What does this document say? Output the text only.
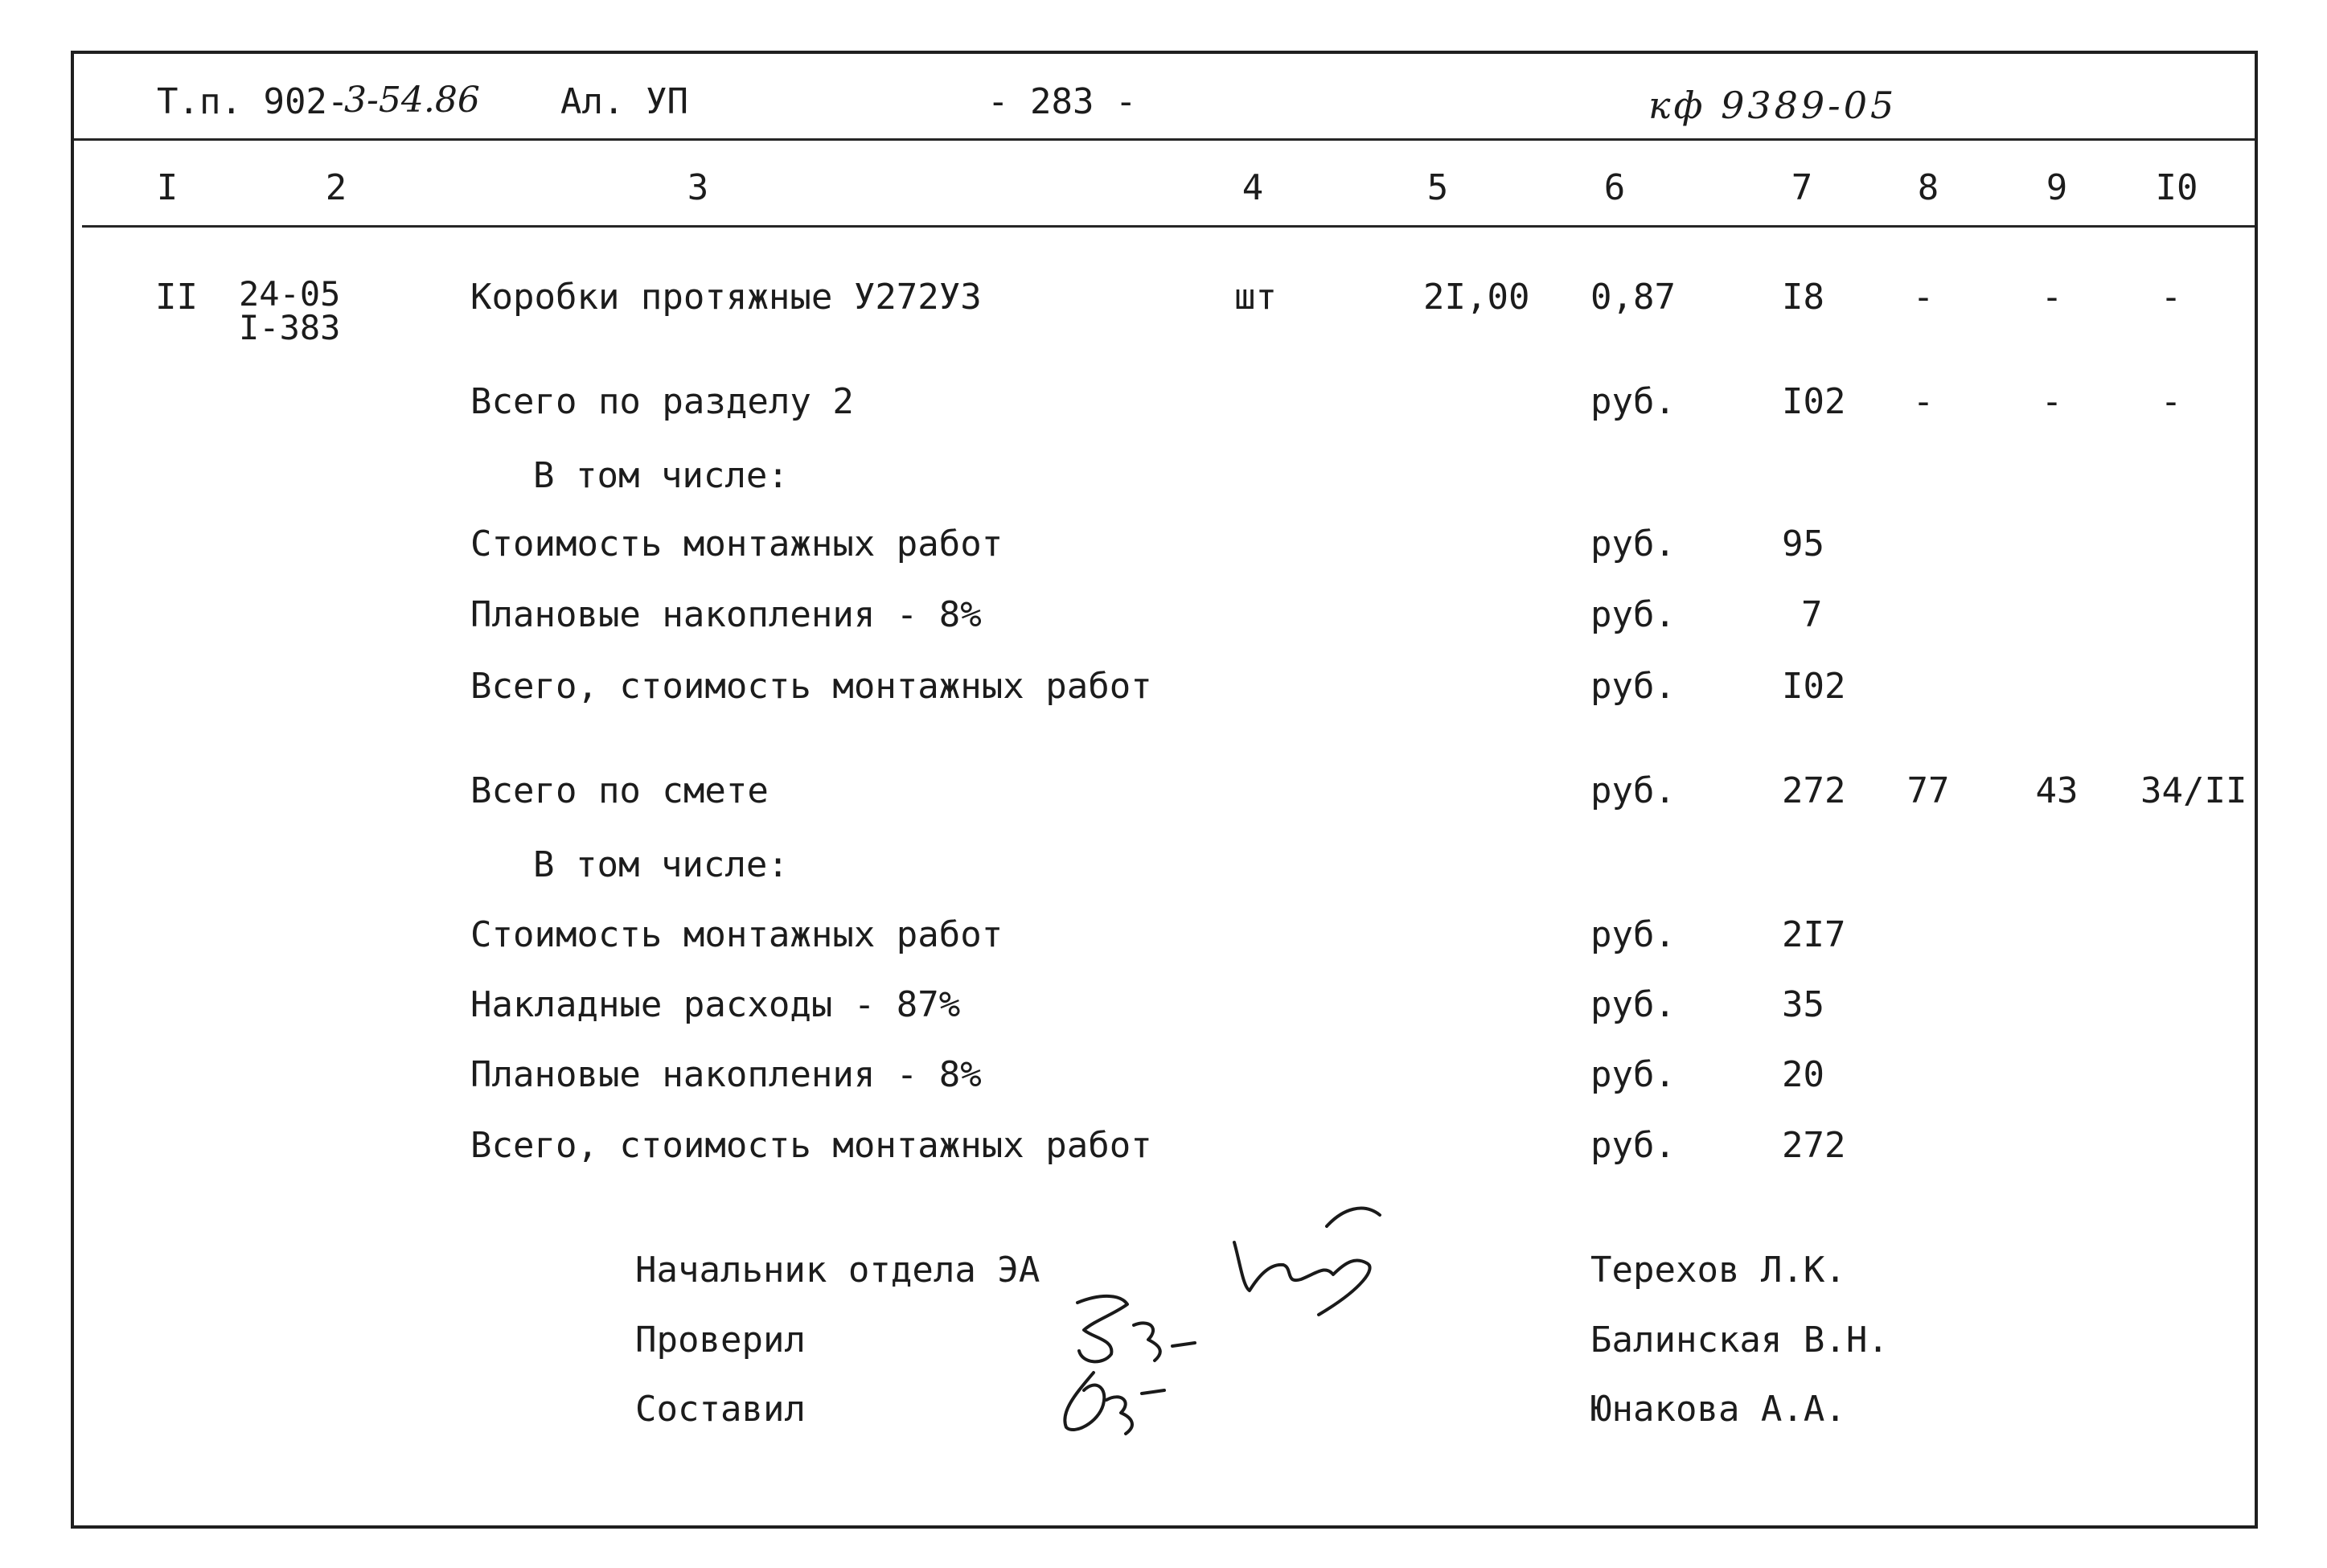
Т.п. 902-
3-54.86 Ал. УП	- 283 -	кф 9389-05
I	2	3	4	5	6	7	8	9 I0
II 24-05
I-383
Коробки протяжные У272У3	шт	2I,00 0,87	I8 -	-	-
Всего по разделу 2	руб.	I02 -	-	-
В том числе:
Стоимость монтажных работ	руб.	95
Плановые накопления - 8%	руб.	7
Всего, стоимость монтажных работ	руб.	I02
Всего по смете	руб.	272 77 43 34/II
В том числе:
Стоимость монтажных работ	руб.	2I7
Накладные расходы - 87%	руб.	35
Плановые накопления - 8%	руб.	20
Всего, стоимость монтажных работ	руб.	272
Начальник отдела ЭА	Терехов Л.К.
Проверил	Балинская В.Н.
Составил	Юнакова А.А.
